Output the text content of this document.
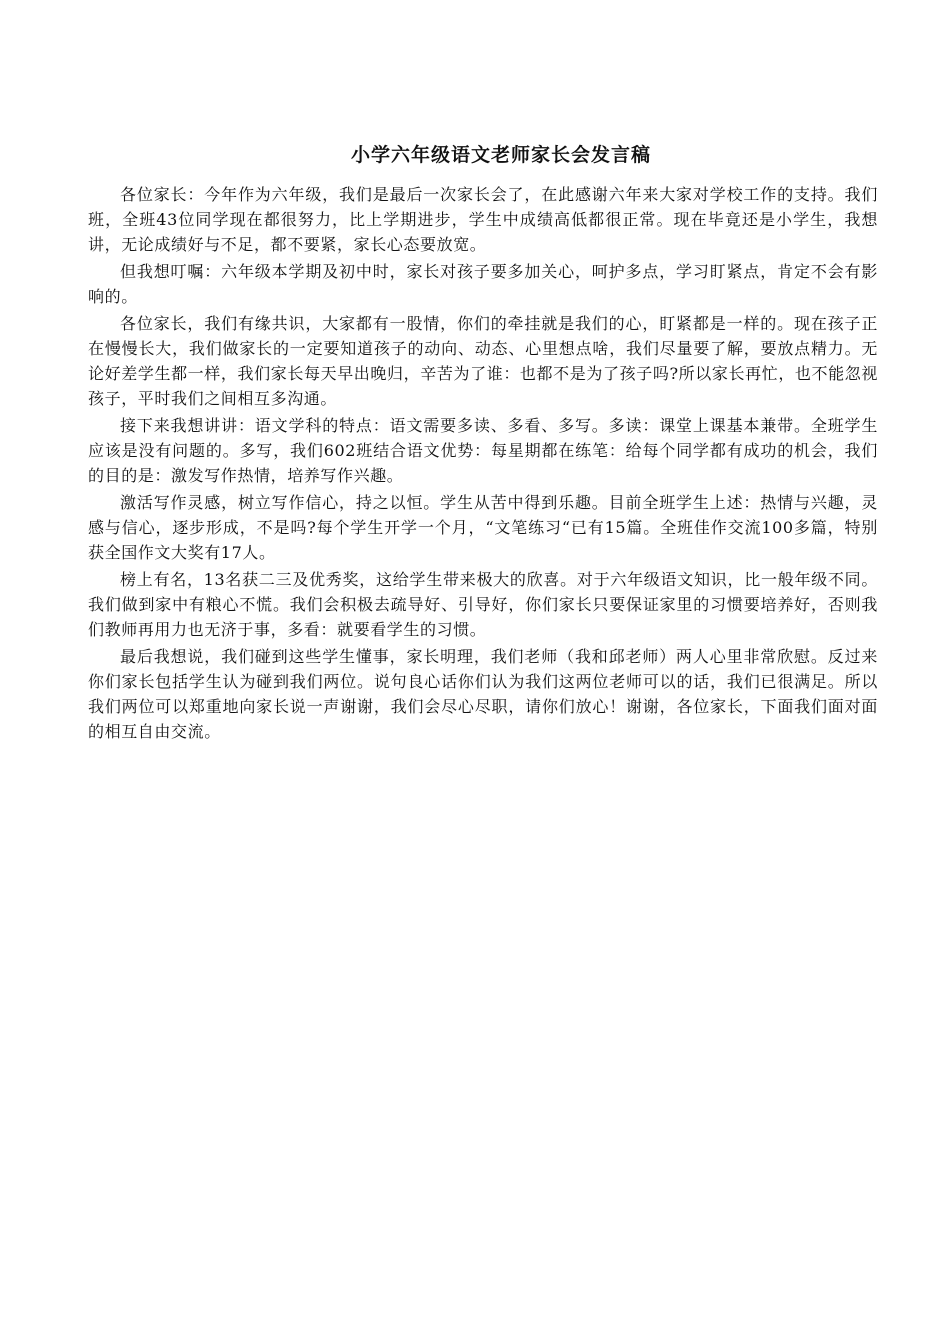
小学六年级语文老师家长会发言稿

各位家长：今年作为六年级，我们是最后一次家长会了，在此感谢六年来大家对学校工作的支持。我们班，全班43位同学现在都很努力，比上学期进步，学生中成绩高低都很正常。现在毕竟还是小学生，我想讲，无论成绩好与不足，都不要紧，家长心态要放宽。

但我想叮嘱：六年级本学期及初中时，家长对孩子要多加关心，呵护多点，学习盯紧点，肯定不会有影响的。

各位家长，我们有缘共识，大家都有一股情，你们的牵挂就是我们的心，盯紧都是一样的。现在孩子正在慢慢长大，我们做家长的一定要知道孩子的动向、动态、心里想点啥，我们尽量要了解，要放点精力。无论好差学生都一样，我们家长每天早出晚归，辛苦为了谁：也都不是为了孩子吗?所以家长再忙，也不能忽视孩子，平时我们之间相互多沟通。

接下来我想讲讲：语文学科的特点：语文需要多读、多看、多写。多读：课堂上课基本兼带。全班学生应该是没有问题的。多写，我们602班结合语文优势：每星期都在练笔：给每个同学都有成功的机会，我们的目的是：激发写作热情，培养写作兴趣。

激活写作灵感，树立写作信心，持之以恒。学生从苦中得到乐趣。目前全班学生上述：热情与兴趣，灵感与信心，逐步形成，不是吗?每个学生开学一个月，“文笔练习“已有15篇。全班佳作交流100多篇，特别获全国作文大奖有17人。

榜上有名，13名获二三及优秀奖，这给学生带来极大的欣喜。对于六年级语文知识，比一般年级不同。我们做到家中有粮心不慌。我们会积极去疏导好、引导好，你们家长只要保证家里的习惯要培养好，否则我们教师再用力也无济于事，多看：就要看学生的习惯。

最后我想说，我们碰到这些学生懂事，家长明理，我们老师（我和邱老师）两人心里非常欣慰。反过来你们家长包括学生认为碰到我们两位。说句良心话你们认为我们这两位老师可以的话，我们已很满足。所以我们两位可以郑重地向家长说一声谢谢，我们会尽心尽职，请你们放心！谢谢，各位家长，下面我们面对面的相互自由交流。
